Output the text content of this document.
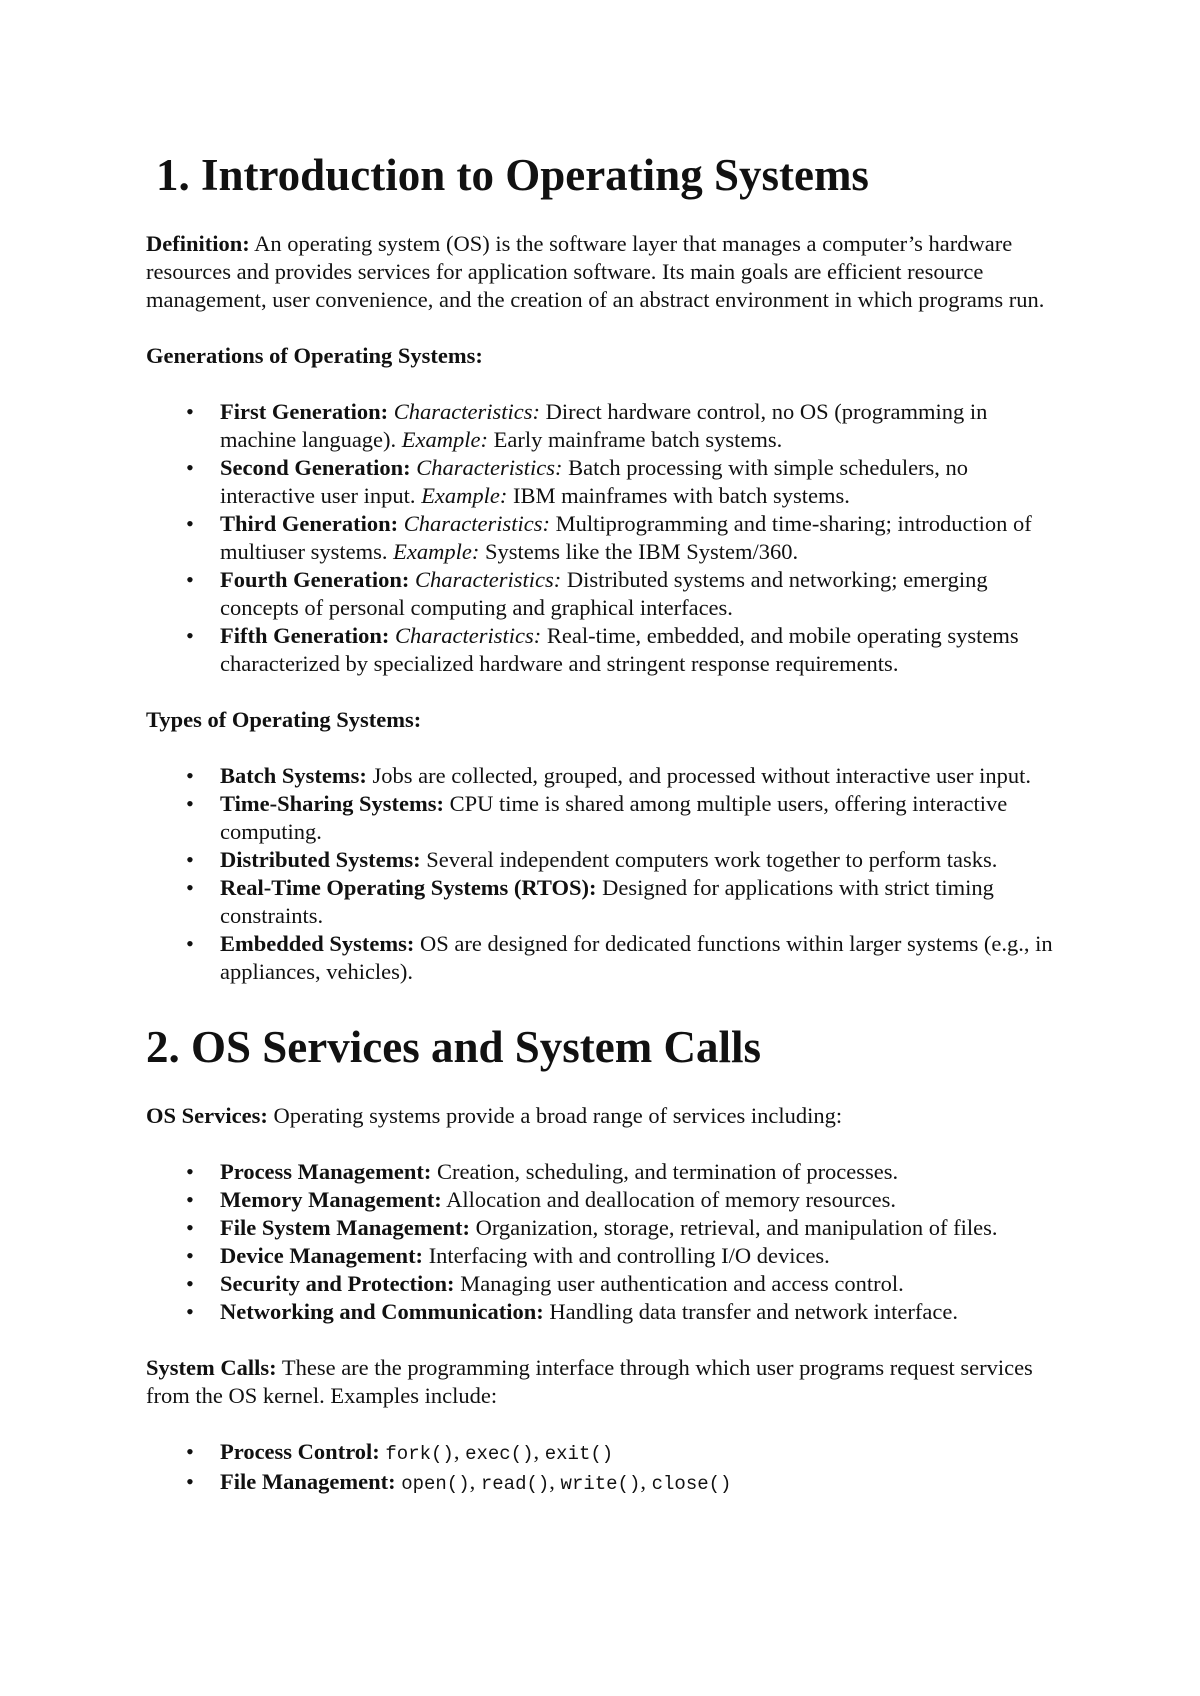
1. Introduction to Operating Systems

Definition: An operating system (OS) is the software layer that manages a computer’s hardware resources and provides services for application software. Its main goals are efficient resource management, user convenience, and the creation of an abstract environment in which programs run.

Generations of Operating Systems:

• First Generation: Characteristics: Direct hardware control, no OS (programming in machine language). Example: Early mainframe batch systems.
• Second Generation: Characteristics: Batch processing with simple schedulers, no interactive user input. Example: IBM mainframes with batch systems.
• Third Generation: Characteristics: Multiprogramming and time-sharing; introduction of multiuser systems. Example: Systems like the IBM System/360.
• Fourth Generation: Characteristics: Distributed systems and networking; emerging concepts of personal computing and graphical interfaces.
• Fifth Generation: Characteristics: Real-time, embedded, and mobile operating systems characterized by specialized hardware and stringent response requirements.

Types of Operating Systems:

• Batch Systems: Jobs are collected, grouped, and processed without interactive user input.
• Time-Sharing Systems: CPU time is shared among multiple users, offering interactive computing.
• Distributed Systems: Several independent computers work together to perform tasks.
• Real-Time Operating Systems (RTOS): Designed for applications with strict timing constraints.
• Embedded Systems: OS are designed for dedicated functions within larger systems (e.g., in appliances, vehicles).
2. OS Services and System Calls

OS Services: Operating systems provide a broad range of services including:

• Process Management: Creation, scheduling, and termination of processes.
• Memory Management: Allocation and deallocation of memory resources.
• File System Management: Organization, storage, retrieval, and manipulation of files.
• Device Management: Interfacing with and controlling I/O devices.
• Security and Protection: Managing user authentication and access control.
• Networking and Communication: Handling data transfer and network interface.

System Calls: These are the programming interface through which user programs request services from the OS kernel. Examples include:

• Process Control: fork(), exec(), exit()
• File Management: open(), read(), write(), close()
